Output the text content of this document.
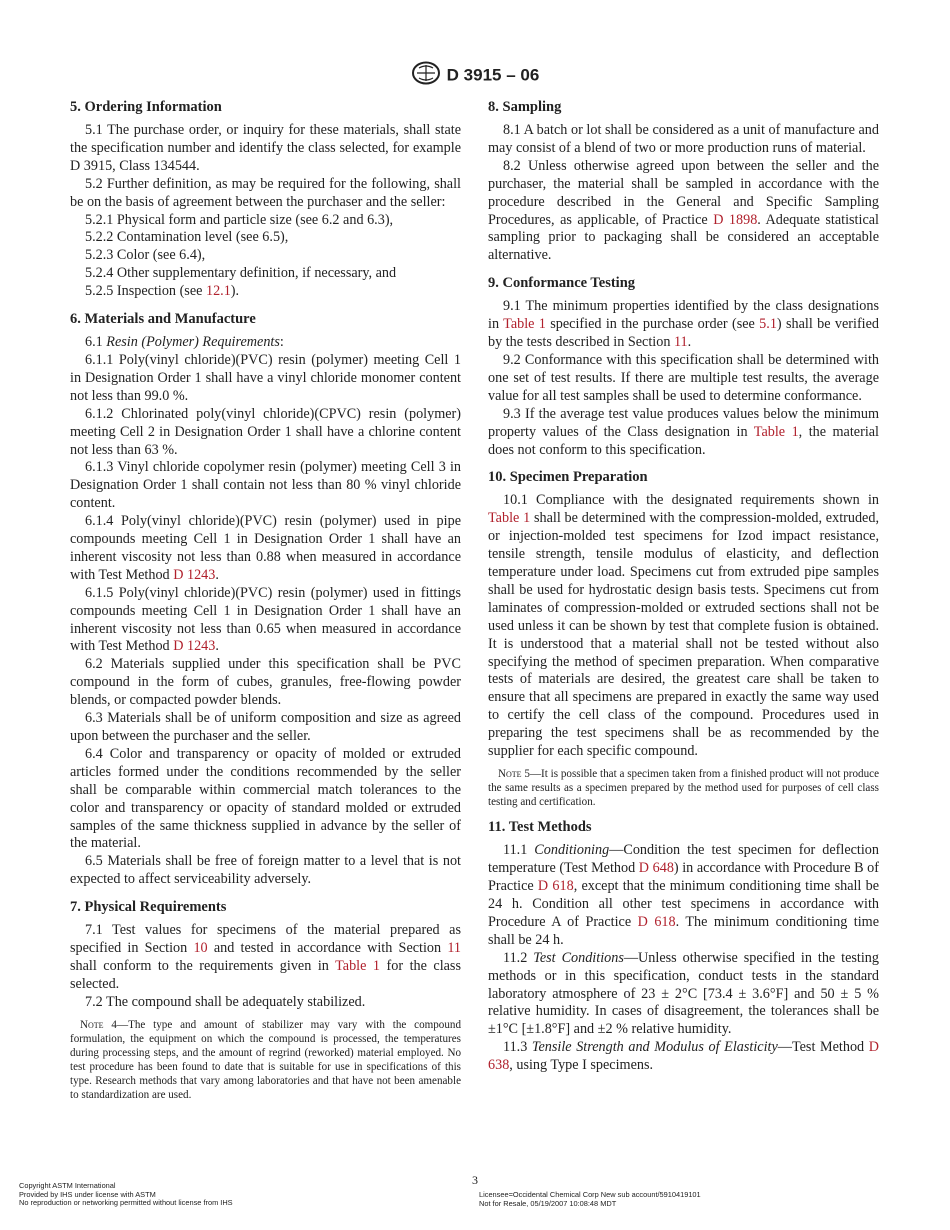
D 3915 – 06
5. Ordering Information

5.1 The purchase order, or inquiry for these materials, shall state the specification number and identify the class selected, for example D 3915, Class 134544.

5.2 Further definition, as may be required for the following, shall be on the basis of agreement between the purchaser and the seller:

5.2.1 Physical form and particle size (see 6.2 and 6.3),

5.2.2 Contamination level (see 6.5),

5.2.3 Color (see 6.4),

5.2.4 Other supplementary definition, if necessary, and

5.2.5 Inspection (see 12.1).

6. Materials and Manufacture

6.1 Resin (Polymer) Requirements:

6.1.1 Poly(vinyl chloride)(PVC) resin (polymer) meeting Cell 1 in Designation Order 1 shall have a vinyl chloride monomer content not less than 99.0 %.

6.1.2 Chlorinated poly(vinyl chloride)(CPVC) resin (polymer) meeting Cell 2 in Designation Order 1 shall have a chlorine content not less than 63 %.

6.1.3 Vinyl chloride copolymer resin (polymer) meeting Cell 3 in Designation Order 1 shall contain not less than 80 % vinyl chloride content.

6.1.4 Poly(vinyl chloride)(PVC) resin (polymer) used in pipe compounds meeting Cell 1 in Designation Order 1 shall have an inherent viscosity not less than 0.88 when measured in accordance with Test Method D 1243.

6.1.5 Poly(vinyl chloride)(PVC) resin (polymer) used in fittings compounds meeting Cell 1 in Designation Order 1 shall have an inherent viscosity not less than 0.65 when measured in accordance with Test Method D 1243.

6.2 Materials supplied under this specification shall be PVC compound in the form of cubes, granules, free-flowing powder blends, or compacted powder blends.

6.3 Materials shall be of uniform composition and size as agreed upon between the purchaser and the seller.

6.4 Color and transparency or opacity of molded or extruded articles formed under the conditions recommended by the seller shall be comparable within commercial match tolerances to the color and transparency or opacity of standard molded or extruded samples of the same thickness supplied in advance by the seller of the material.

6.5 Materials shall be free of foreign matter to a level that is not expected to affect serviceability adversely.

7. Physical Requirements

7.1 Test values for specimens of the material prepared as specified in Section 10 and tested in accordance with Section 11 shall conform to the requirements given in Table 1 for the class selected.

7.2 The compound shall be adequately stabilized.

Note 4—The type and amount of stabilizer may vary with the compound formulation, the equipment on which the compound is processed, the temperatures during processing steps, and the amount of regrind (reworked) material employed. No test procedure has been found to date that is suitable for use in specifications of this type. Research methods that vary among laboratories and that have not been amenable to standardization are used.
8. Sampling

8.1 A batch or lot shall be considered as a unit of manufacture and may consist of a blend of two or more production runs of material.

8.2 Unless otherwise agreed upon between the seller and the purchaser, the material shall be sampled in accordance with the procedure described in the General and Specific Sampling Procedures, as applicable, of Practice D 1898. Adequate statistical sampling prior to packaging shall be considered an acceptable alternative.

9. Conformance Testing

9.1 The minimum properties identified by the class designations in Table 1 specified in the purchase order (see 5.1) shall be verified by the tests described in Section 11.

9.2 Conformance with this specification shall be determined with one set of test results. If there are multiple test results, the average value for all test samples shall be used to determine conformance.

9.3 If the average test value produces values below the minimum property values of the Class designation in Table 1, the material does not conform to this specification.

10. Specimen Preparation

10.1 Compliance with the designated requirements shown in Table 1 shall be determined with the compression-molded, extruded, or injection-molded test specimens for Izod impact resistance, tensile strength, tensile modulus of elasticity, and deflection temperature under load. Specimens cut from extruded pipe samples shall be used for hydrostatic design basis tests. Specimens cut from laminates of compression-molded or extruded sections shall not be used unless it can be shown by test that complete fusion is obtained. It is understood that a material shall not be tested without also specifying the method of specimen preparation. When comparative tests of materials are desired, the greatest care shall be taken to ensure that all specimens are prepared in exactly the same way used to certify the cell class of the compound. Procedures used in preparing the test specimens shall be as recommended by the supplier for each specific compound.

Note 5—It is possible that a specimen taken from a finished product will not produce the same results as a specimen prepared by the method used for purposes of cell class testing and certification.
11. Test Methods

11.1 Conditioning—Condition the test specimen for deflection temperature (Test Method D 648) in accordance with Procedure B of Practice D 618, except that the minimum conditioning time shall be 24 h. Condition all other test specimens in accordance with Procedure A of Practice D 618. The minimum conditioning time shall be 24 h.

11.2 Test Conditions—Unless otherwise specified in the testing methods or in this specification, conduct tests in the standard laboratory atmosphere of 23 ± 2°C [73.4 ± 3.6°F] and 50 ± 5 % relative humidity. In cases of disagreement, the tolerances shall be ±1°C [±1.8°F] and ±2 % relative humidity.

11.3 Tensile Strength and Modulus of Elasticity—Test Method D 638, using Type I specimens.

3
Copyright ASTM International
Provided by IHS under license with ASTM
No reproduction or networking permitted without license from IHS
Licensee=Occidental Chemical Corp New sub account/5910419101
Not for Resale, 05/19/2007 10:08:48 MDT
